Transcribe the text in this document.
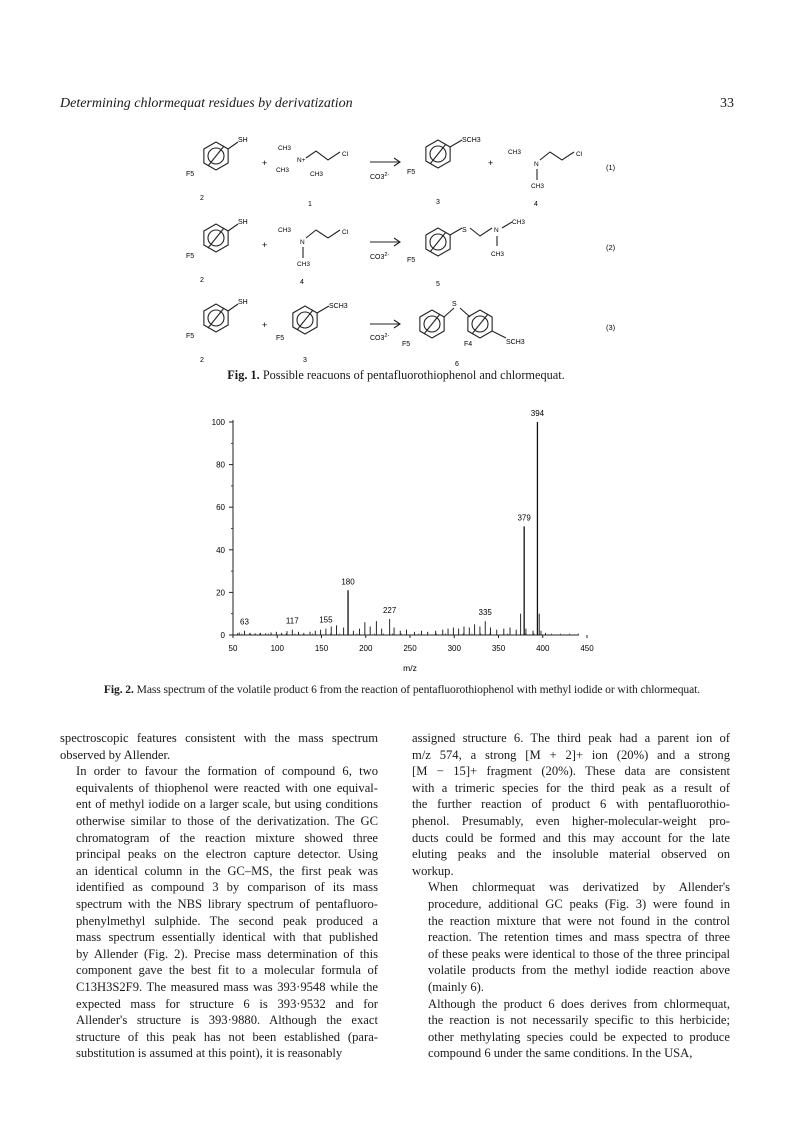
Determining chlormequat residues by derivatization	33
SH
F5
2
+
CH3
N+
CH3
CH3
Cl
1
$CO3^{2-}$
SCH3
F5
3
+
CH3
N
Cl
CH3
4
(1)
SH
F5
2
+
CH3
N
Cl
CH3
4
$CO3^{2-}$
S	N
CH3
CH3
F5
5
(2)
SH
F5
2
+
SCH3
F5
3
$CO3^{2-}$
S
SCH3
F5	F4
6
(3)
Fig. 1. Possible reacuons of pentafluorothiophenol and chlormequat.
0
20
40
60
80
100
50	100	150	200	250	300	350	400	450
63	117	155
180
227	335
379
394
m/z
Fig. 2. Mass spectrum of the volatile product 6 from the reaction of pentafluorothiophenol with methyl iodide or with chlormequat.

spectroscopic features consistent with the mass spectrum
observed by Allender.

In order to favour the formation of compound 6, two
equivalents of thiophenol were reacted with one equival-
ent of methyl iodide on a larger scale, but using conditions
otherwise similar to those of the derivatization. The GC
chromatogram of the reaction mixture showed three
principal peaks on the electron capture detector. Using
an identical column in the GC–MS, the first peak was
identified as compound 3 by comparison of its mass
spectrum with the NBS library spectrum of pentafluoro-
phenylmethyl sulphide. The second peak produced a
mass spectrum essentially identical with that published
by Allender (Fig. 2). Precise mass determination of this
component gave the best fit to a molecular formula of
C13H3S2F9. The measured mass was 393·9548 while the
expected mass for structure 6 is 393·9532 and for
Allender's structure is 393·9880. Although the exact
structure of this peak has not been established (para-
substitution is assumed at this point), it is reasonably

assigned structure 6. The third peak had a parent ion of
m/z 574, a strong [M + 2]+ ion (20%) and a strong
[M − 15]+ fragment (20%). These data are consistent
with a trimeric species for the third peak as a result of
the further reaction of product 6 with pentafluorothio-
phenol. Presumably, even higher-molecular-weight pro-
ducts could be formed and this may account for the late
eluting peaks and the insoluble material observed on
workup.

When chlormequat was derivatized by Allender's
procedure, additional GC peaks (Fig. 3) were found in
the reaction mixture that were not found in the control
reaction. The retention times and mass spectra of three
of these peaks were identical to those of the three principal
volatile products from the methyl iodide reaction above
(mainly 6).

Although the product 6 does derives from chlormequat,
the reaction is not necessarily specific to this herbicide;
other methylating species could be expected to produce
compound 6 under the same conditions. In the USA,
